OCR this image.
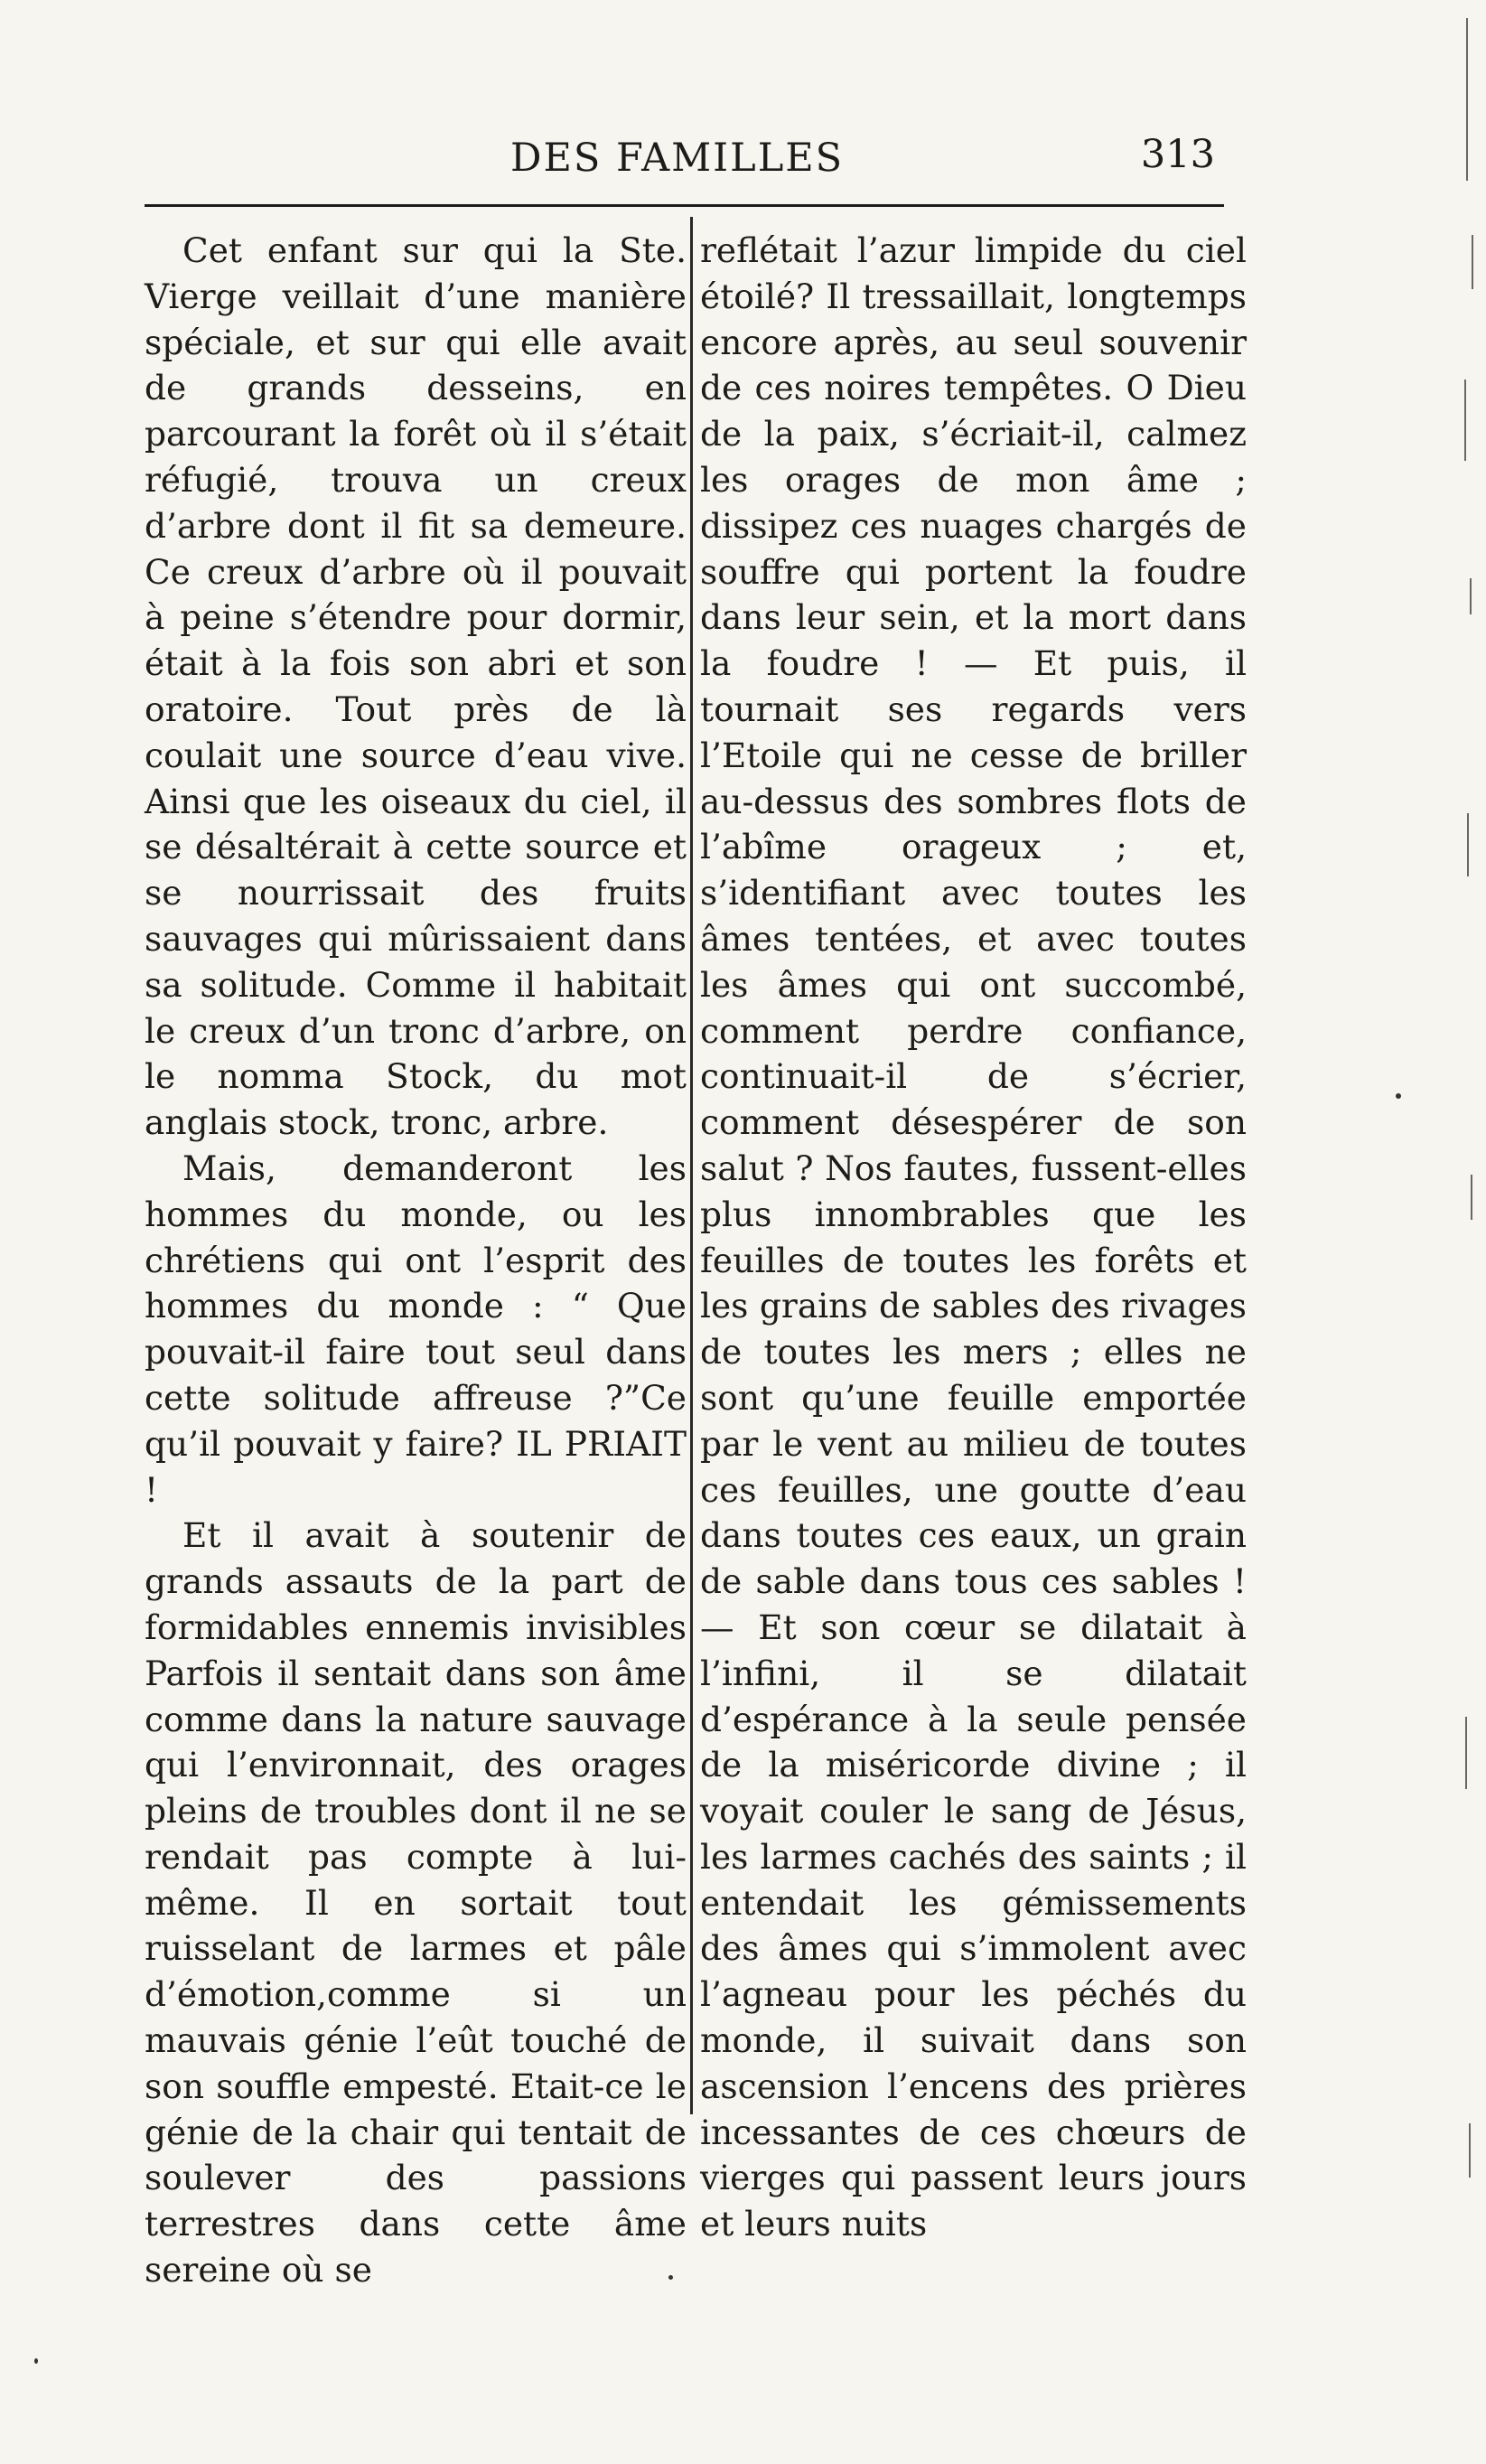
DES FAMILLES	313

Cet enfant sur qui la Ste. Vierge veillait d’une manière spéciale, et sur qui elle avait de grands desseins, en parcourant la forêt où il s’était réfugié, trouva un creux d’arbre dont il fit sa demeure. Ce creux d’arbre où il pouvait à peine s’étendre pour dormir, était à la fois son abri et son oratoire. Tout près de là coulait une source d’eau vive. Ainsi que les oiseaux du ciel, il se désaltérait à cette source et se nourrissait des fruits sauvages qui mûrissaient dans sa solitude. Comme il habitait le creux d’un tronc d’arbre, on le nomma Stock, du mot anglais stock, tronc, arbre.

Mais, demanderont les hommes du monde, ou les chrétiens qui ont l’esprit des hommes du monde : “ Que pouvait-il faire tout seul dans cette solitude affreuse ?”Ce qu’il pouvait y faire? IL PRIAIT !

Et il avait à soutenir de grands assauts de la part de formidables ennemis invisibles Parfois il sentait dans son âme comme dans la nature sauvage qui l’environnait, des orages pleins de troubles dont il ne se rendait pas compte à lui-même. Il en sortait tout ruisselant de larmes et pâle d’émotion,comme si un mauvais génie l’eût touché de son souffle empesté. Etait-ce le génie de la chair qui tentait de soulever des passions terrestres dans cette âme sereine où se

reflétait l’azur limpide du ciel étoilé? Il tressaillait, longtemps encore après, au seul souvenir de ces noires tempêtes. O Dieu de la paix, s’écriait-il, calmez les orages de mon âme ; dissipez ces nuages chargés de souffre qui portent la foudre dans leur sein, et la mort dans la foudre ! — Et puis, il tournait ses regards vers l’Etoile qui ne cesse de briller au-dessus des sombres flots de l’abîme orageux ; et, s’identifiant avec toutes les âmes tentées, et avec toutes les âmes qui ont succombé, comment perdre confiance, continuait-il de s’écrier, comment désespérer de son salut ? Nos fautes, fussent-elles plus innombrables que les feuilles de toutes les forêts et les grains de sables des rivages de toutes les mers ; elles ne sont qu’une feuille emportée par le vent au milieu de toutes ces feuilles, une goutte d’eau dans toutes ces eaux, un grain de sable dans tous ces sables ! — Et son cœur se dilatait à l’infini, il se dilatait d’espérance à la seule pensée de la miséricorde divine ; il voyait couler le sang de Jésus, les larmes cachés des saints ; il entendait les gémissements des âmes qui s’immolent avec l’agneau pour les péchés du monde, il suivait dans son ascension l’encens des prières incessantes de ces chœurs de vierges qui passent leurs jours et leurs nuits
